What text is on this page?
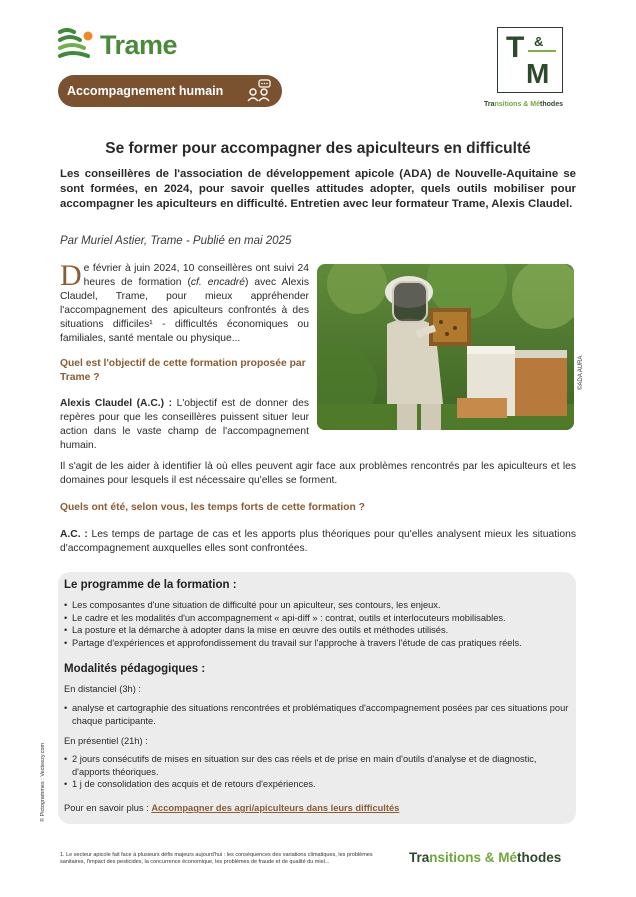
Trame
Accompagnement humain
T &
M
Transitions & Méthodes
Se former pour accompagner des apiculteurs en difficulté

Les conseillères de l'association de développement apicole (ADA) de Nouvelle-Aquitaine se sont formées, en 2024, pour savoir quelles attitudes adopter, quels outils mobiliser pour accompagner les apiculteurs en difficulté. Entretien avec leur formateur Trame, Alexis Claudel.

Par Muriel Astier, Trame - Publié en mai 2025

De février à juin 2024, 10 conseillères ont suivi 24 heures de formation (cf. encadré) avec Alexis Claudel, Trame, pour mieux appréhender l'accompagnement des apiculteurs confrontés à des situations difficiles¹ - difficultés économiques ou familiales, santé mentale ou physique...

©ADA AURA

Quel est l'objectif de cette formation proposée par Trame ?

Alexis Claudel (A.C.) : L'objectif est de donner des repères pour que les conseillères puissent situer leur action dans le vaste champ de l'accompagnement humain.

Il s'agit de les aider à identifier là où elles peuvent agir face aux problèmes rencontrés par les apiculteurs et les domaines pour lesquels il est nécessaire qu'elles se forment.

Quels ont été, selon vous, les temps forts de cette formation ?

A.C. : Les temps de partage de cas et les apports plus théoriques pour qu'elles analysent mieux les situations d'accompagnement auxquelles elles sont confrontées.

Le programme de la formation :
• Les composantes d'une situation de difficulté pour un apiculteur, ses contours, les enjeux.
• Le cadre et les modalités d'un accompagnement « api-diff » : contrat, outils et interlocuteurs mobilisables.
• La posture et la démarche à adopter dans la mise en œuvre des outils et méthodes utilisés.
• Partage d'expériences et approfondissement du travail sur l'approche à travers l'étude de cas pratiques réels.
Modalités pédagogiques :

En distanciel (3h) :

• analyse et cartographie des situations rencontrées et problématiques d'accompagnement posées par ces situations pour chaque participante.

En présentiel (21h) :

• 2 jours consécutifs de mises en situation sur des cas réels et de prise en main d'outils d'analyse et de diagnostic, d'apports théoriques.
• 1 j de consolidation des acquis et de retours d'expériences.

Pour en savoir plus : Accompagner des agri/apiculteurs dans leurs difficultés

© Pictogrammes : Vecteezy.com

1. Le secteur apicole fait face à plusieurs défis majeurs aujourd'hui : les conséquences des variations climatiques, les problèmes sanitaires, l'impact des pesticides, la concurrence économique, les problèmes de fraude et de qualité du miel...	Transitions & Méthodes
